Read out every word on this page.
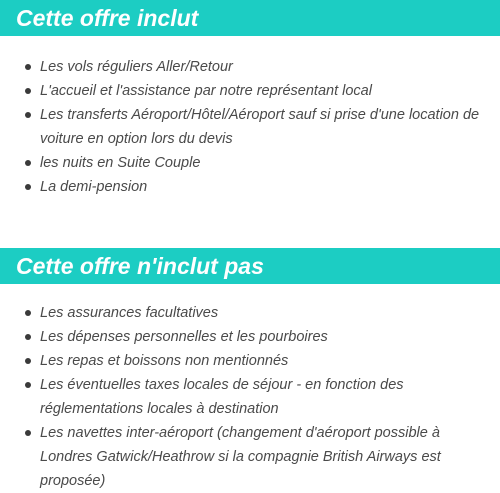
Cette offre inclut
Les vols réguliers Aller/Retour
L'accueil et l'assistance par notre représentant local
Les transferts Aéroport/Hôtel/Aéroport sauf si prise d'une location de voiture en option lors du devis
les nuits en Suite Couple
La demi-pension
Cette offre n'inclut pas
Les assurances facultatives
Les dépenses personnelles et les pourboires
Les repas et boissons non mentionnés
Les éventuelles taxes locales de séjour - en fonction des réglementations locales à destination
Les navettes inter-aéroport (changement d'aéroport possible à Londres Gatwick/Heathrow si la compagnie British Airways est proposée)
